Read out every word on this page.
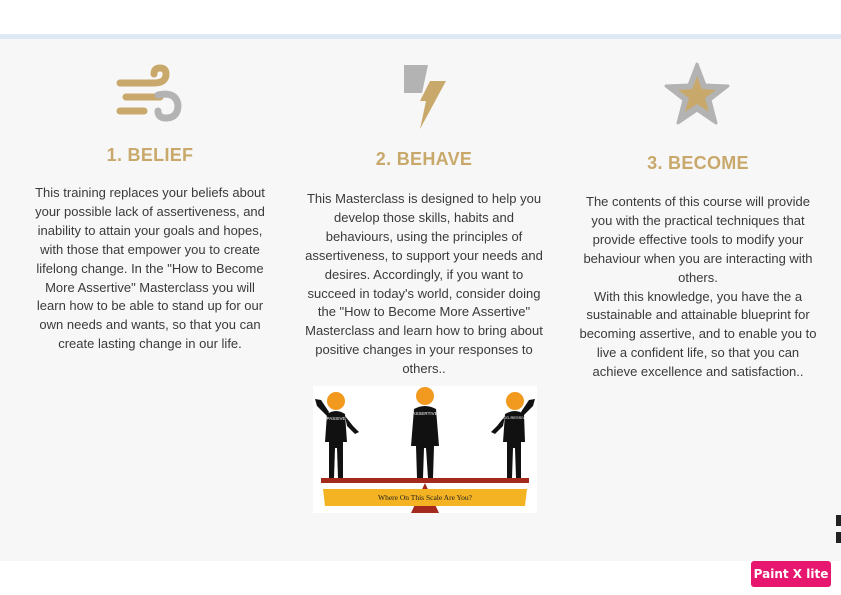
1. BELIEF

This training replaces your beliefs about

your possible lack of assertiveness, and

inability to attain your goals and hopes,

with those that empower you to create

lifelong change. In the "How to Become

More Assertive" Masterclass you will

learn how to be able to stand up for our

own needs and wants, so that you can

create lasting change in our life.

2. BEHAVE

This Masterclass is designed to help you

develop those skills, habits and

behaviours, using the principles of

assertiveness, to support your needs and

desires. Accordingly, if you want to

succeed in today's world, consider doing

the "How to Become More Assertive"

Masterclass and learn how to bring about

positive changes in your responses to

others..

3. BECOME

The contents of this course will provide

you with the practical techniques that

provide effective tools to modify your

behaviour when you are interacting with

others.

With this knowledge, you have the a

sustainable and attainable blueprint for

becoming assertive, and to enable you to

live a confident life, so that you can

achieve excellence and satisfaction..

PASSIVE
ASSERTIVE
AGG-RESSIVE
Where On This Scale Are You?
Paint X lite
